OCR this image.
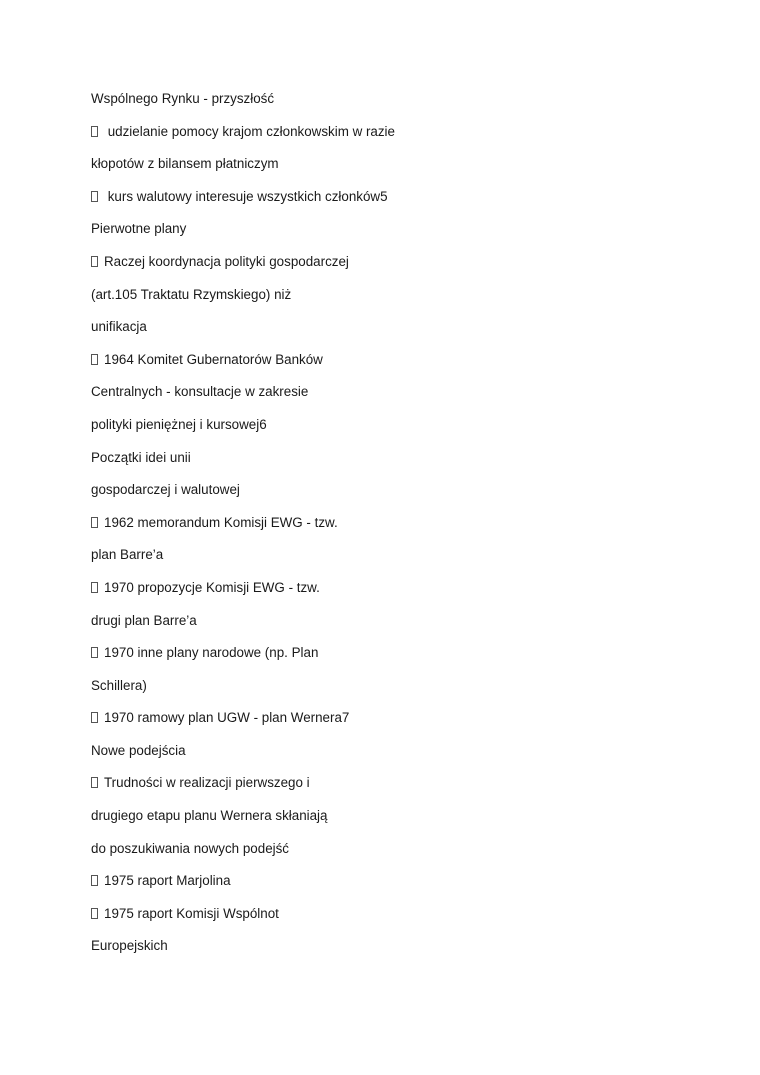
Wspólnego Rynku - przyszłość
udzielanie pomocy krajom członkowskim w razie
kłopotów z bilansem płatniczym
kurs walutowy interesuje wszystkich członków5
Pierwotne plany
Raczej koordynacja polityki gospodarczej
(art.105 Traktatu Rzymskiego) niż
unifikacja
1964 Komitet Gubernatorów Banków
Centralnych - konsultacje w zakresie
polityki pieniężnej i kursowej6
Początki idei unii
gospodarczej i walutowej
1962 memorandum Komisji EWG - tzw.
plan Barre’a
1970 propozycje Komisji EWG - tzw.
drugi plan Barre’a
1970 inne plany narodowe (np. Plan
Schillera)
1970 ramowy plan UGW - plan Wernera7
Nowe podejścia
Trudności w realizacji pierwszego i
drugiego etapu planu Wernera skłaniają
do poszukiwania nowych podejść
1975 raport Marjolina
1975 raport Komisji Wspólnot
Europejskich
